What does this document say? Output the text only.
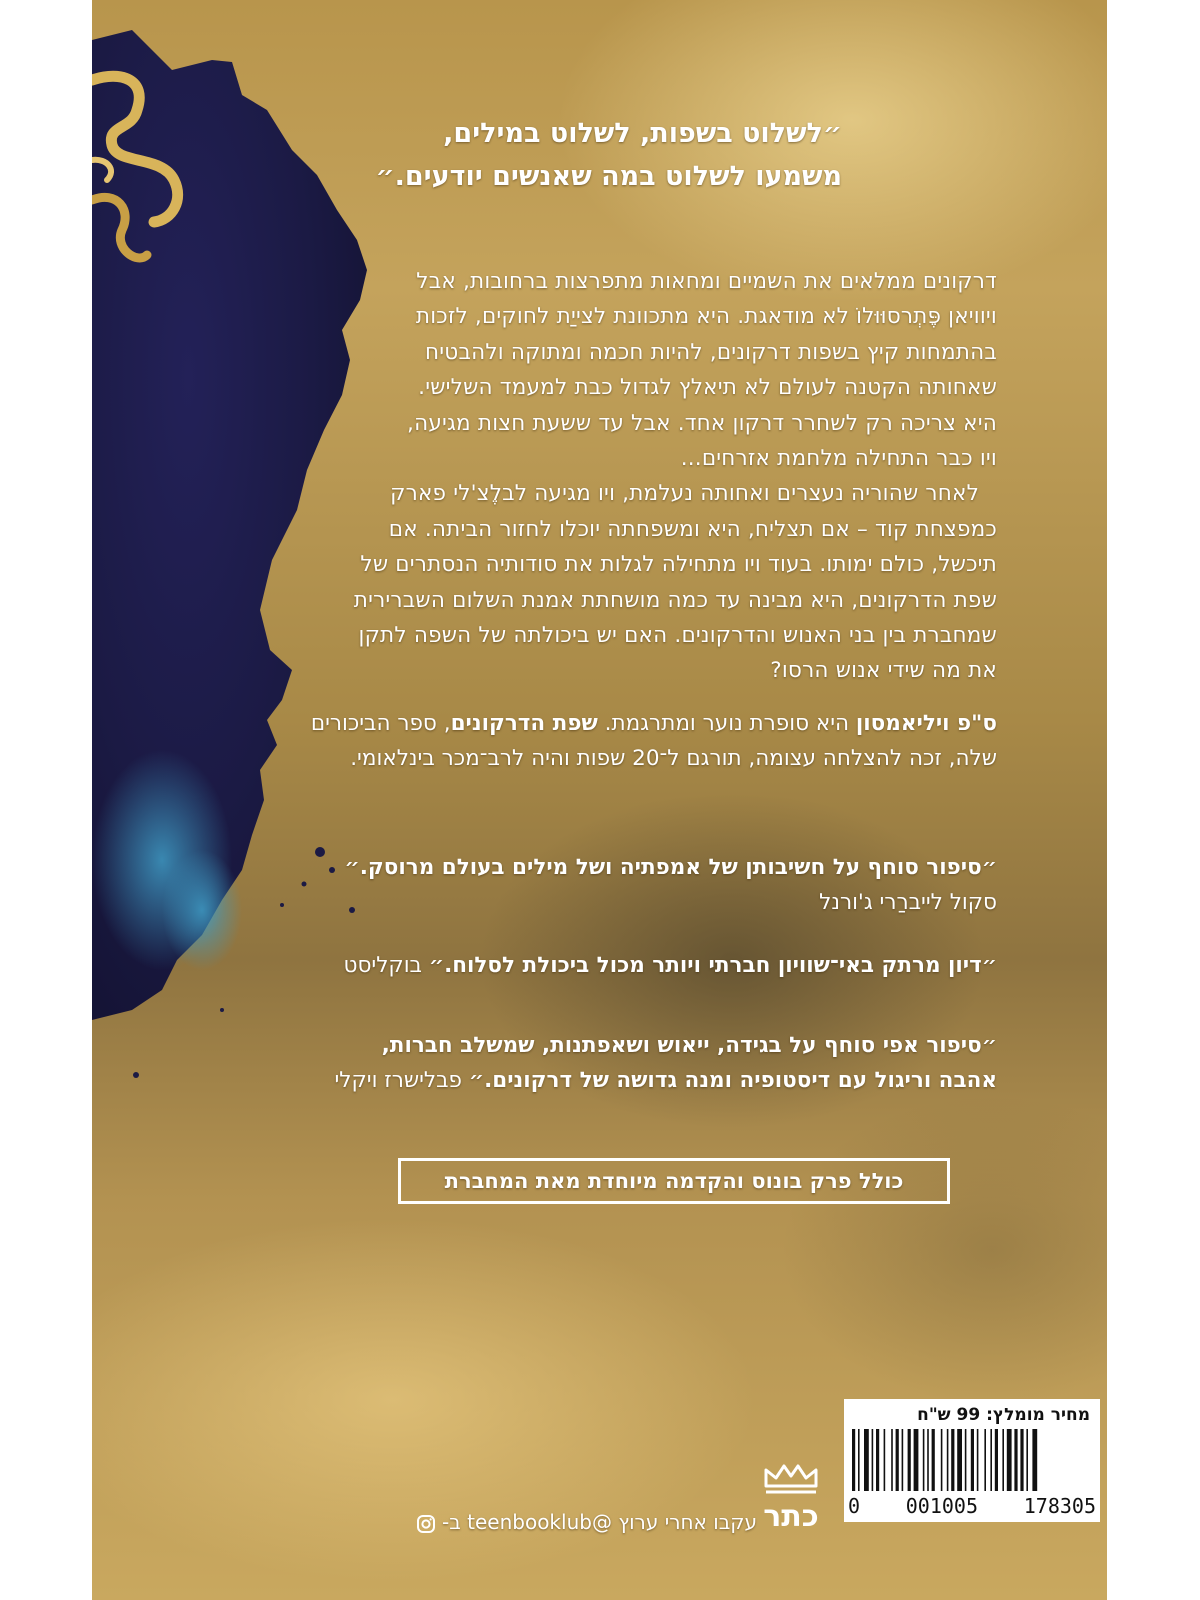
״לשלוט בשפות, לשלוט במילים,
משמעו לשלוט במה שאנשים יודעים.״
דרקונים ממלאים את השמיים ומחאות מתפרצות ברחובות, אבל
ויוויאן פֶּתְרסוּוּלוֹ לא מודאגת. היא מתכוונת לצייַת לחוקים, לזכות
בהתמחות קיץ בשפות דרקונים, להיות חכמה ומתוקה ולהבטיח
שאחותה הקטנה לעולם לא תיאלץ לגדול כבת למעמד השלישי.
היא צריכה רק לשחרר דרקון אחד. אבל עד ששעת חצות מגיעה,
ויו כבר התחילה מלחמת אזרחים...
לאחר שהוריה נעצרים ואחותה נעלמת, ויו מגיעה לבלֶצ'לי פארק
כמפצחת קוד – אם תצליח, היא ומשפחתה יוכלו לחזור הביתה. אם
תיכשל, כולם ימותו. בעוד ויו מתחילה לגלות את סודותיה הנסתרים של
שפת הדרקונים, היא מבינה עד כמה מושחתת אמנת השלום השברירית
שמחברת בין בני האנוש והדרקונים. האם יש ביכולתה של השפה לתקן
את מה שידי אנוש הרסו?
ס"פ ויליאמסון היא סופרת נוער ומתרגמת. שפת הדרקונים, ספר הביכורים
שלה, זכה להצלחה עצומה, תורגם ל־20 שפות והיה לרב־מכר בינלאומי.
״סיפור סוחף על חשיבותן של אמפתיה ושל מילים בעולם מרוסק.״
סקול לייברַרי ג'ורנל
״דיון מרתק באי־שוויון חברתי ויותר מכול ביכולת לסלוח.״ בוקליסט
״סיפור אפי סוחף על בגידה, ייאוש ושאפתנות, שמשלב חברות,
אהבה וריגול עם דיסטופיה ומנה גדושה של דרקונים.״ פבלישרז ויקלי
כולל פרק בונוס והקדמה מיוחדת מאת המחברת
מחיר מומלץ: 99 ש"ח
0 001005 178305
כתר
עקבו אחרי ערוץ @teenbooklub ב-
